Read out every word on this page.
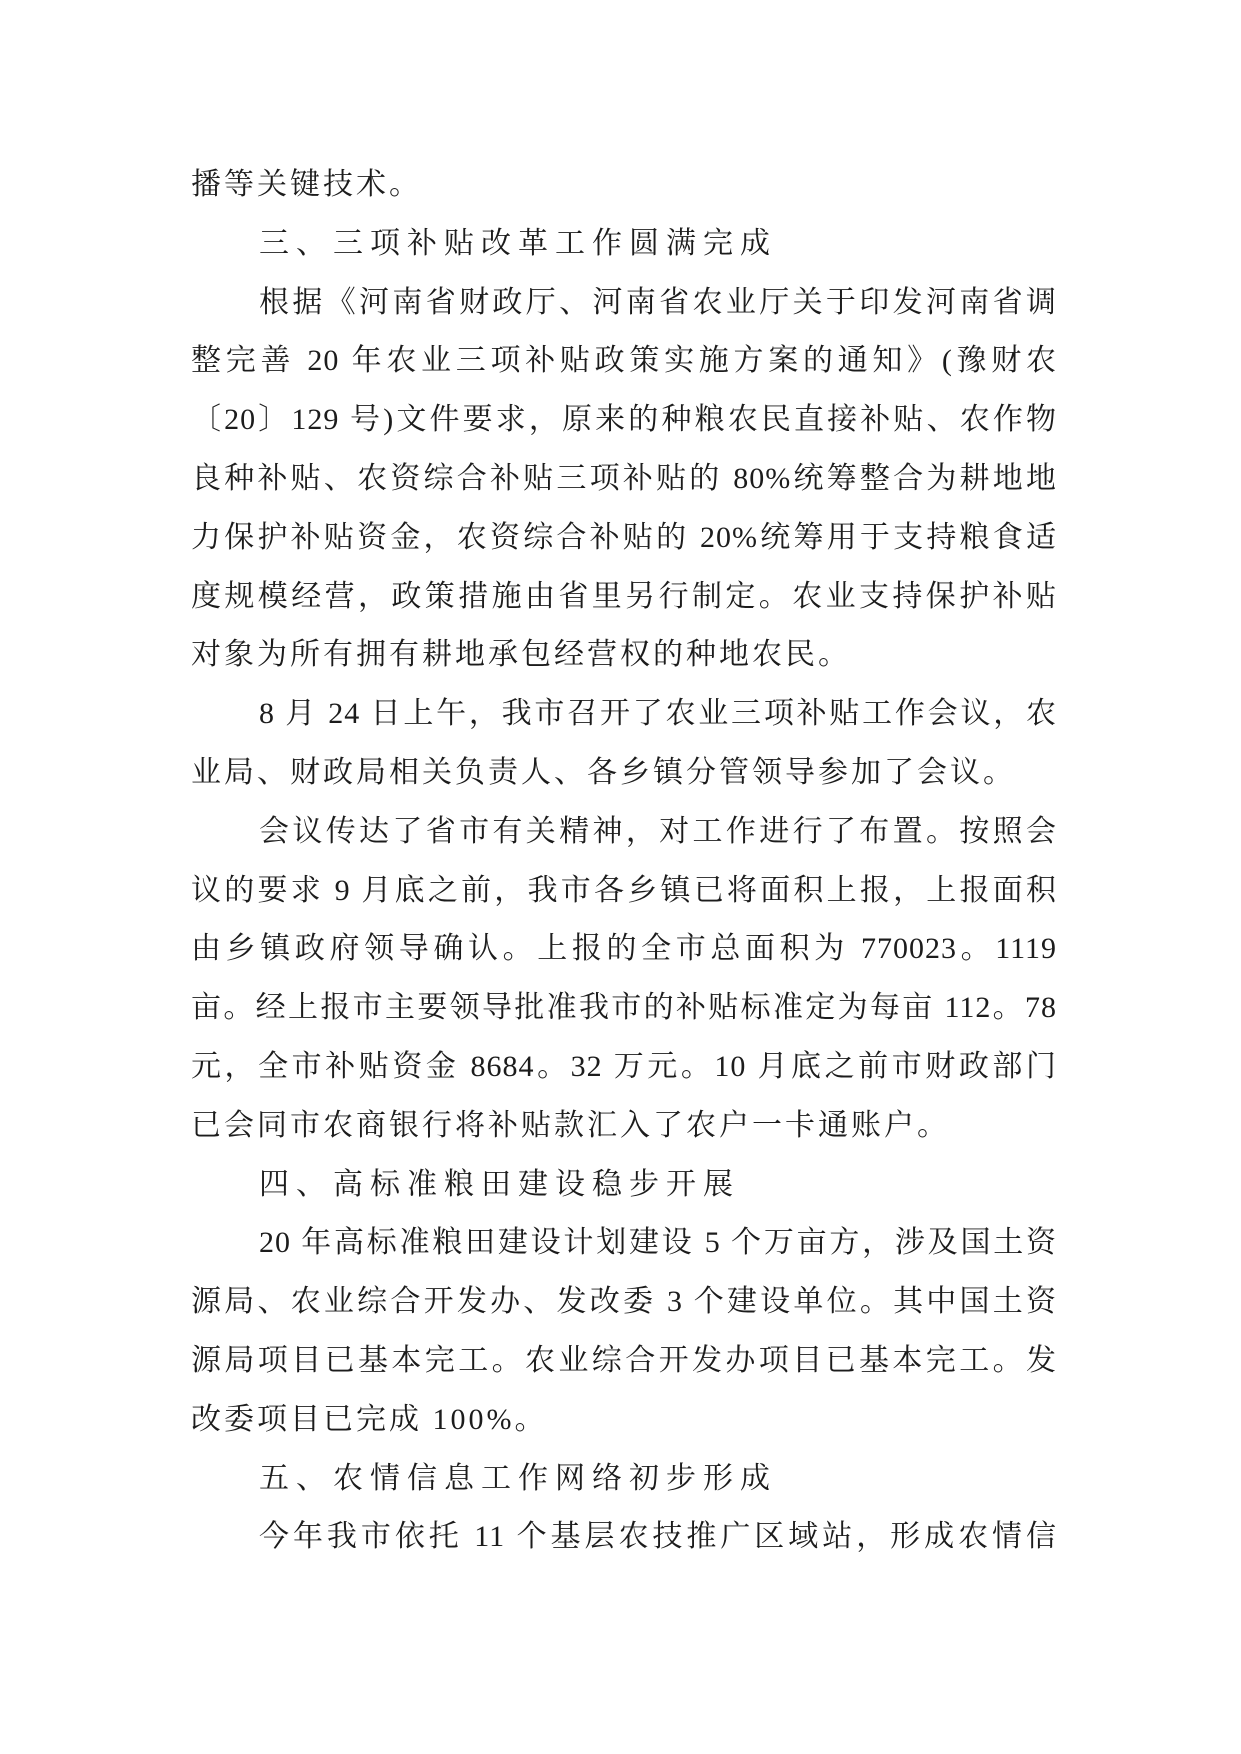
播等关键技术。
三、三项补贴改革工作圆满完成
根据《河南省财政厅、河南省农业厅关于印发河南省调
整完善 20 年农业三项补贴政策实施方案的通知》(豫财农
〔20〕129 号)文件要求，原来的种粮农民直接补贴、农作物
良种补贴、农资综合补贴三项补贴的 80%统筹整合为耕地地
力保护补贴资金，农资综合补贴的 20%统筹用于支持粮食适
度规模经营，政策措施由省里另行制定。农业支持保护补贴
对象为所有拥有耕地承包经营权的种地农民。
8 月 24 日上午，我市召开了农业三项补贴工作会议，农
业局、财政局相关负责人、各乡镇分管领导参加了会议。
会议传达了省市有关精神，对工作进行了布置。按照会
议的要求 9 月底之前，我市各乡镇已将面积上报，上报面积
由乡镇政府领导确认。上报的全市总面积为 770023。1119
亩。经上报市主要领导批准我市的补贴标准定为每亩 112。78
元，全市补贴资金 8684。32 万元。10 月底之前市财政部门
已会同市农商银行将补贴款汇入了农户一卡通账户。
四、高标准粮田建设稳步开展
20 年高标准粮田建设计划建设 5 个万亩方，涉及国土资
源局、农业综合开发办、发改委 3 个建设单位。其中国土资
源局项目已基本完工。农业综合开发办项目已基本完工。发
改委项目已完成 100%。
五、农情信息工作网络初步形成
今年我市依托 11 个基层农技推广区域站，形成农情信
